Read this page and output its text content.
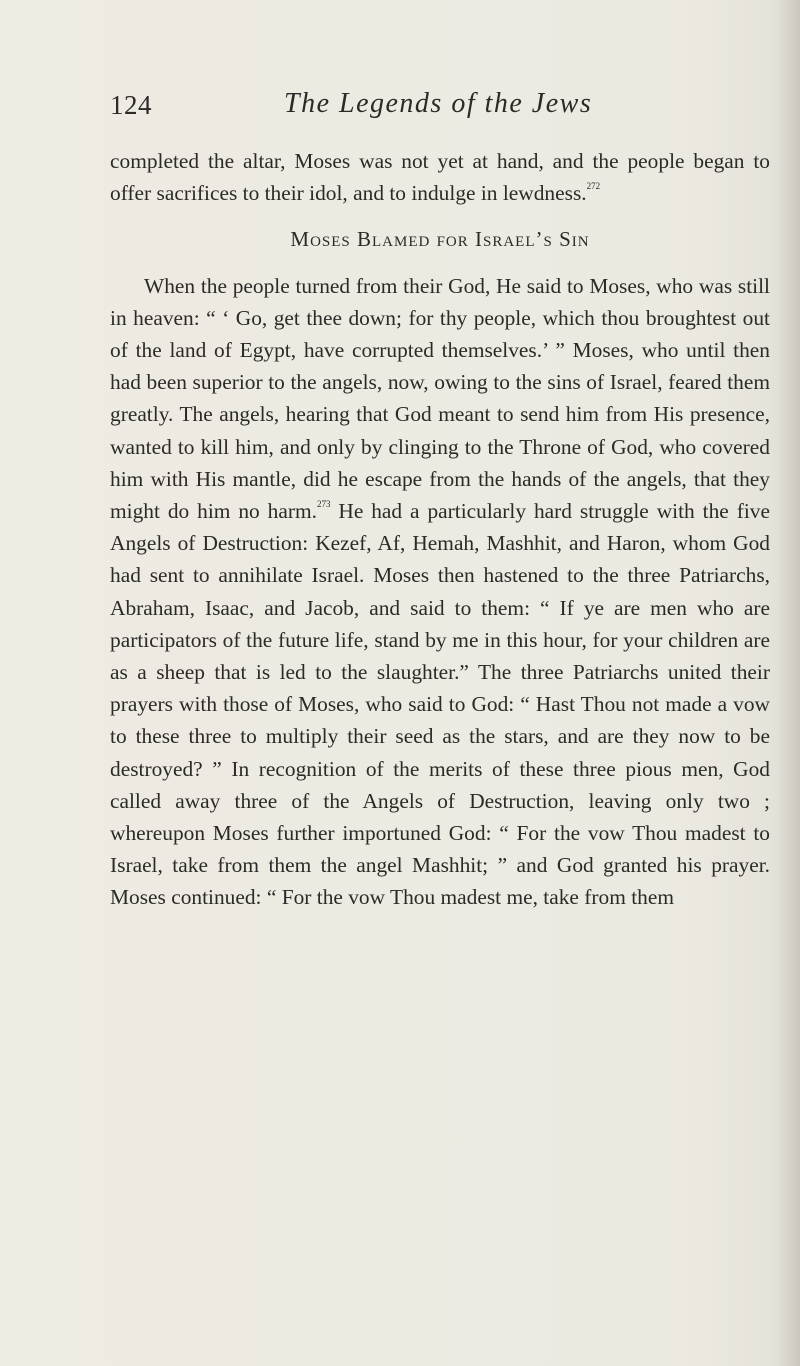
124	The Legends of the Jews

completed the altar, Moses was not yet at hand, and the people began to offer sacrifices to their idol, and to indulge in lewdness.$^{272}$

Moses Blamed for Israel’s Sin

When the people turned from their God, He said to Moses, who was still in heaven: “ ‘ Go, get thee down; for thy people, which thou broughtest out of the land of Egypt, have corrupted themselves.’ ” Moses, who until then had been superior to the angels, now, owing to the sins of Israel, feared them greatly. The angels, hearing that God meant to send him from His presence, wanted to kill him, and only by clinging to the Throne of God, who covered him with His mantle, did he escape from the hands of the angels, that they might do him no harm.$^{273}$ He had a particularly hard struggle with the five Angels of Destruction: Kezef, Af, Hemah, Mashhit, and Haron, whom God had sent to annihilate Israel. Moses then hastened to the three Patriarchs, Abraham, Isaac, and Jacob, and said to them: “ If ye are men who are participators of the future life, stand by me in this hour, for your children are as a sheep that is led to the slaughter.” The three Patriarchs united their prayers with those of Moses, who said to God: “ Hast Thou not made a vow to these three to multiply their seed as the stars, and are they now to be destroyed? ” In recognition of the merits of these three pious men, God called away three of the Angels of Destruction, leaving only two ; whereupon Moses further importuned God: “ For the vow Thou madest to Israel, take from them the angel Mashhit; ” and God granted his prayer. Moses continued: “ For the vow Thou madest me, take from them
